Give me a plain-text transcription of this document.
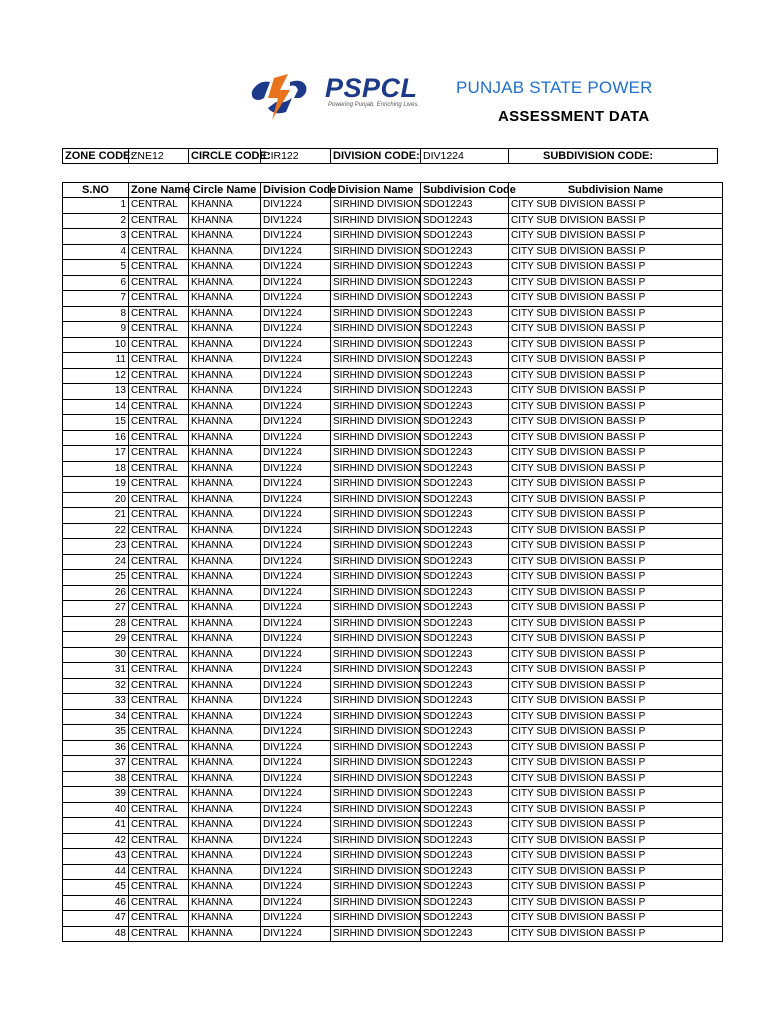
PSPCL
Powering Punjab, Enriching Lives.
PUNJAB STATE POWER
ASSESSMENT DATA
ZONE CODE:	ZNE12	CIRCLE CODE:	CIR122	DIVISION CODE:	DIV1224	SUBDIVISION CODE:
S.NO	Zone Name	Circle Name	Division Code	Division Name	Subdivision Code	Subdivision Name
1	CENTRAL	KHANNA	DIV1224	SIRHIND DIVISION	SDO12243	CITY SUB DIVISION BASSI P
2	CENTRAL	KHANNA	DIV1224	SIRHIND DIVISION	SDO12243	CITY SUB DIVISION BASSI P
3	CENTRAL	KHANNA	DIV1224	SIRHIND DIVISION	SDO12243	CITY SUB DIVISION BASSI P
4	CENTRAL	KHANNA	DIV1224	SIRHIND DIVISION	SDO12243	CITY SUB DIVISION BASSI P
5	CENTRAL	KHANNA	DIV1224	SIRHIND DIVISION	SDO12243	CITY SUB DIVISION BASSI P
6	CENTRAL	KHANNA	DIV1224	SIRHIND DIVISION	SDO12243	CITY SUB DIVISION BASSI P
7	CENTRAL	KHANNA	DIV1224	SIRHIND DIVISION	SDO12243	CITY SUB DIVISION BASSI P
8	CENTRAL	KHANNA	DIV1224	SIRHIND DIVISION	SDO12243	CITY SUB DIVISION BASSI P
9	CENTRAL	KHANNA	DIV1224	SIRHIND DIVISION	SDO12243	CITY SUB DIVISION BASSI P
10	CENTRAL	KHANNA	DIV1224	SIRHIND DIVISION	SDO12243	CITY SUB DIVISION BASSI P
11	CENTRAL	KHANNA	DIV1224	SIRHIND DIVISION	SDO12243	CITY SUB DIVISION BASSI P
12	CENTRAL	KHANNA	DIV1224	SIRHIND DIVISION	SDO12243	CITY SUB DIVISION BASSI P
13	CENTRAL	KHANNA	DIV1224	SIRHIND DIVISION	SDO12243	CITY SUB DIVISION BASSI P
14	CENTRAL	KHANNA	DIV1224	SIRHIND DIVISION	SDO12243	CITY SUB DIVISION BASSI P
15	CENTRAL	KHANNA	DIV1224	SIRHIND DIVISION	SDO12243	CITY SUB DIVISION BASSI P
16	CENTRAL	KHANNA	DIV1224	SIRHIND DIVISION	SDO12243	CITY SUB DIVISION BASSI P
17	CENTRAL	KHANNA	DIV1224	SIRHIND DIVISION	SDO12243	CITY SUB DIVISION BASSI P
18	CENTRAL	KHANNA	DIV1224	SIRHIND DIVISION	SDO12243	CITY SUB DIVISION BASSI P
19	CENTRAL	KHANNA	DIV1224	SIRHIND DIVISION	SDO12243	CITY SUB DIVISION BASSI P
20	CENTRAL	KHANNA	DIV1224	SIRHIND DIVISION	SDO12243	CITY SUB DIVISION BASSI P
21	CENTRAL	KHANNA	DIV1224	SIRHIND DIVISION	SDO12243	CITY SUB DIVISION BASSI P
22	CENTRAL	KHANNA	DIV1224	SIRHIND DIVISION	SDO12243	CITY SUB DIVISION BASSI P
23	CENTRAL	KHANNA	DIV1224	SIRHIND DIVISION	SDO12243	CITY SUB DIVISION BASSI P
24	CENTRAL	KHANNA	DIV1224	SIRHIND DIVISION	SDO12243	CITY SUB DIVISION BASSI P
25	CENTRAL	KHANNA	DIV1224	SIRHIND DIVISION	SDO12243	CITY SUB DIVISION BASSI P
26	CENTRAL	KHANNA	DIV1224	SIRHIND DIVISION	SDO12243	CITY SUB DIVISION BASSI P
27	CENTRAL	KHANNA	DIV1224	SIRHIND DIVISION	SDO12243	CITY SUB DIVISION BASSI P
28	CENTRAL	KHANNA	DIV1224	SIRHIND DIVISION	SDO12243	CITY SUB DIVISION BASSI P
29	CENTRAL	KHANNA	DIV1224	SIRHIND DIVISION	SDO12243	CITY SUB DIVISION BASSI P
30	CENTRAL	KHANNA	DIV1224	SIRHIND DIVISION	SDO12243	CITY SUB DIVISION BASSI P
31	CENTRAL	KHANNA	DIV1224	SIRHIND DIVISION	SDO12243	CITY SUB DIVISION BASSI P
32	CENTRAL	KHANNA	DIV1224	SIRHIND DIVISION	SDO12243	CITY SUB DIVISION BASSI P
33	CENTRAL	KHANNA	DIV1224	SIRHIND DIVISION	SDO12243	CITY SUB DIVISION BASSI P
34	CENTRAL	KHANNA	DIV1224	SIRHIND DIVISION	SDO12243	CITY SUB DIVISION BASSI P
35	CENTRAL	KHANNA	DIV1224	SIRHIND DIVISION	SDO12243	CITY SUB DIVISION BASSI P
36	CENTRAL	KHANNA	DIV1224	SIRHIND DIVISION	SDO12243	CITY SUB DIVISION BASSI P
37	CENTRAL	KHANNA	DIV1224	SIRHIND DIVISION	SDO12243	CITY SUB DIVISION BASSI P
38	CENTRAL	KHANNA	DIV1224	SIRHIND DIVISION	SDO12243	CITY SUB DIVISION BASSI P
39	CENTRAL	KHANNA	DIV1224	SIRHIND DIVISION	SDO12243	CITY SUB DIVISION BASSI P
40	CENTRAL	KHANNA	DIV1224	SIRHIND DIVISION	SDO12243	CITY SUB DIVISION BASSI P
41	CENTRAL	KHANNA	DIV1224	SIRHIND DIVISION	SDO12243	CITY SUB DIVISION BASSI P
42	CENTRAL	KHANNA	DIV1224	SIRHIND DIVISION	SDO12243	CITY SUB DIVISION BASSI P
43	CENTRAL	KHANNA	DIV1224	SIRHIND DIVISION	SDO12243	CITY SUB DIVISION BASSI P
44	CENTRAL	KHANNA	DIV1224	SIRHIND DIVISION	SDO12243	CITY SUB DIVISION BASSI P
45	CENTRAL	KHANNA	DIV1224	SIRHIND DIVISION	SDO12243	CITY SUB DIVISION BASSI P
46	CENTRAL	KHANNA	DIV1224	SIRHIND DIVISION	SDO12243	CITY SUB DIVISION BASSI P
47	CENTRAL	KHANNA	DIV1224	SIRHIND DIVISION	SDO12243	CITY SUB DIVISION BASSI P
48	CENTRAL	KHANNA	DIV1224	SIRHIND DIVISION	SDO12243	CITY SUB DIVISION BASSI P
